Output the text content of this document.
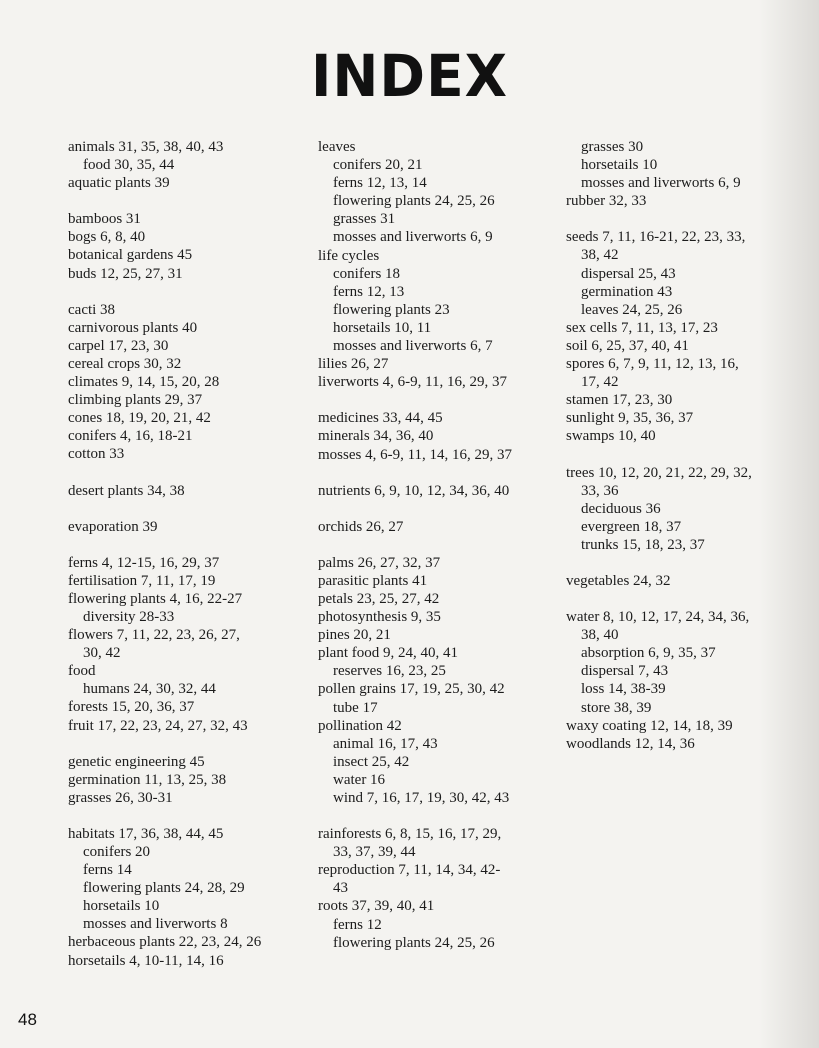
INDEX
animals 31, 35, 38, 40, 43
food 30, 35, 44
aquatic plants 39
bamboos 31
bogs 6, 8, 40
botanical gardens 45
buds 12, 25, 27, 31
cacti 38
carnivorous plants 40
carpel 17, 23, 30
cereal crops 30, 32
climates 9, 14, 15, 20, 28
climbing plants 29, 37
cones 18, 19, 20, 21, 42
conifers 4, 16, 18-21
cotton 33
desert plants 34, 38
evaporation 39
ferns 4, 12-15, 16, 29, 37
fertilisation 7, 11, 17, 19
flowering plants 4, 16, 22-27
diversity 28-33
flowers 7, 11, 22, 23, 26, 27,
30, 42
food
humans 24, 30, 32, 44
forests 15, 20, 36, 37
fruit 17, 22, 23, 24, 27, 32, 43
genetic engineering 45
germination 11, 13, 25, 38
grasses 26, 30-31
habitats 17, 36, 38, 44, 45
conifers 20
ferns 14
flowering plants 24, 28, 29
horsetails 10
mosses and liverworts 8
herbaceous plants 22, 23, 24, 26
horsetails 4, 10-11, 14, 16
leaves
conifers 20, 21
ferns 12, 13, 14
flowering plants 24, 25, 26
grasses 31
mosses and liverworts 6, 9
life cycles
conifers 18
ferns 12, 13
flowering plants 23
horsetails 10, 11
mosses and liverworts 6, 7
lilies 26, 27
liverworts 4, 6-9, 11, 16, 29, 37
medicines 33, 44, 45
minerals 34, 36, 40
mosses 4, 6-9, 11, 14, 16, 29, 37
nutrients 6, 9, 10, 12, 34, 36, 40
orchids 26, 27
palms 26, 27, 32, 37
parasitic plants 41
petals 23, 25, 27, 42
photosynthesis 9, 35
pines 20, 21
plant food 9, 24, 40, 41
reserves 16, 23, 25
pollen grains 17, 19, 25, 30, 42
tube 17
pollination 42
animal 16, 17, 43
insect 25, 42
water 16
wind 7, 16, 17, 19, 30, 42, 43
rainforests 6, 8, 15, 16, 17, 29,
33, 37, 39, 44
reproduction 7, 11, 14, 34, 42-
43
roots 37, 39, 40, 41
ferns 12
flowering plants 24, 25, 26
grasses 30
horsetails 10
mosses and liverworts 6, 9
rubber 32, 33
seeds 7, 11, 16-21, 22, 23, 33,
38, 42
dispersal 25, 43
germination 43
leaves 24, 25, 26
sex cells 7, 11, 13, 17, 23
soil 6, 25, 37, 40, 41
spores 6, 7, 9, 11, 12, 13, 16,
17, 42
stamen 17, 23, 30
sunlight 9, 35, 36, 37
swamps 10, 40
trees 10, 12, 20, 21, 22, 29, 32,
33, 36
deciduous 36
evergreen 18, 37
trunks 15, 18, 23, 37
vegetables 24, 32
water 8, 10, 12, 17, 24, 34, 36,
38, 40
absorption 6, 9, 35, 37
dispersal 7, 43
loss 14, 38-39
store 38, 39
waxy coating 12, 14, 18, 39
woodlands 12, 14, 36
48
